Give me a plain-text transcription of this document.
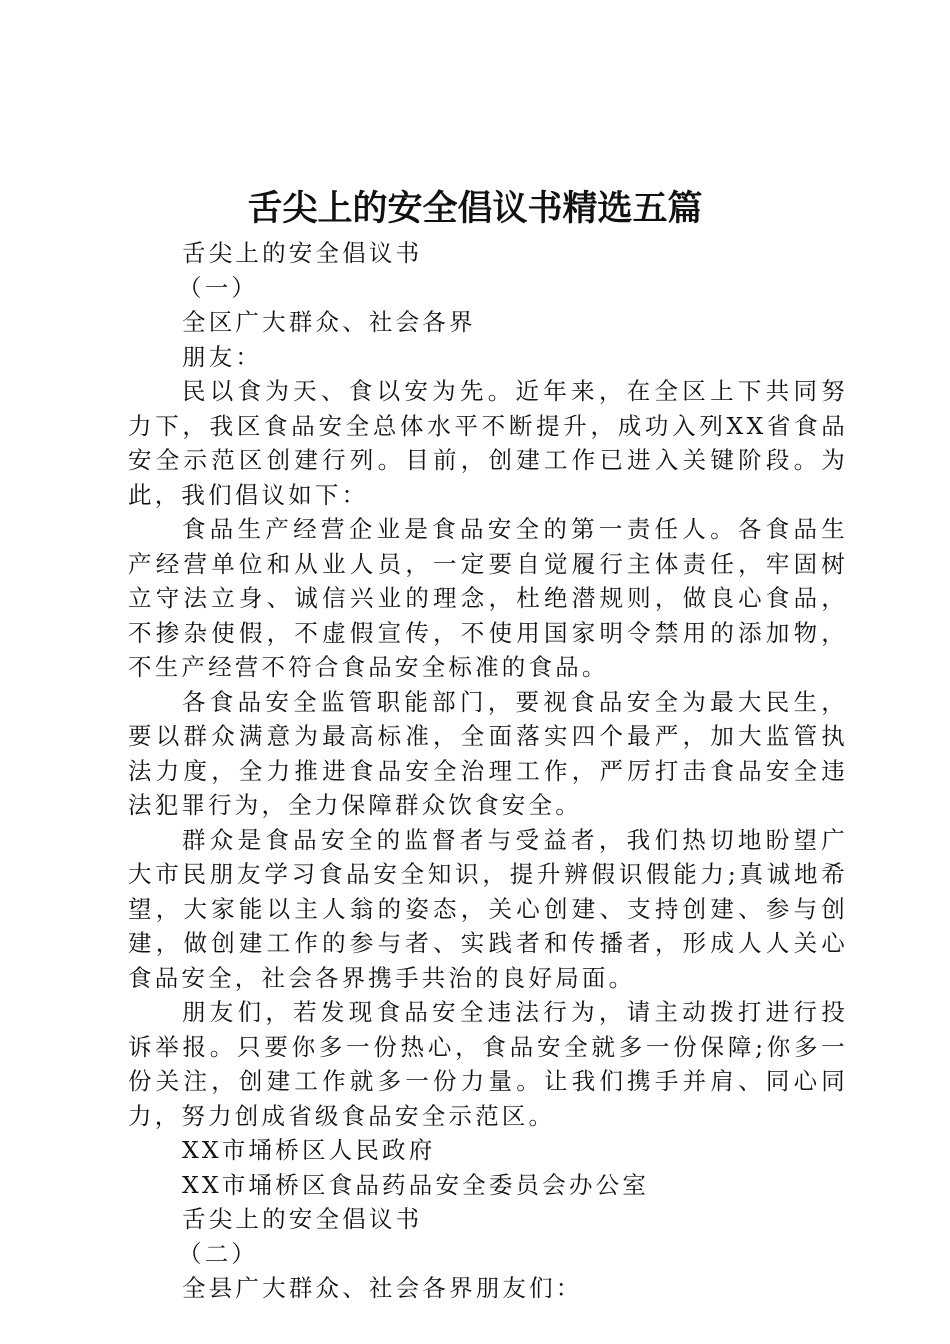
舌尖上的安全倡议书精选五篇
舌尖上的安全倡议书
（一）
全区广大群众、社会各界
朋友：

民以食为天、食以安为先。近年来，在全区上下共同努力下，我区食品安全总体水平不断提升，成功入列XX省食品安全示范区创建行列。目前，创建工作已进入关键阶段。为此，我们倡议如下：

食品生产经营企业是食品安全的第一责任人。各食品生产经营单位和从业人员，一定要自觉履行主体责任，牢固树立守法立身、诚信兴业的理念，杜绝潜规则，做良心食品，不掺杂使假，不虚假宣传，不使用国家明令禁用的添加物，不生产经营不符合食品安全标准的食品。

各食品安全监管职能部门，要视食品安全为最大民生，要以群众满意为最高标准，全面落实四个最严，加大监管执法力度，全力推进食品安全治理工作，严厉打击食品安全违法犯罪行为，全力保障群众饮食安全。

群众是食品安全的监督者与受益者，我们热切地盼望广大市民朋友学习食品安全知识，提升辨假识假能力;真诚地希望，大家能以主人翁的姿态，关心创建、支持创建、参与创建，做创建工作的参与者、实践者和传播者，形成人人关心食品安全，社会各界携手共治的良好局面。

朋友们，若发现食品安全违法行为，请主动拨打进行投诉举报。只要你多一份热心，食品安全就多一份保障;你多一份关注，创建工作就多一份力量。让我们携手并肩、同心同力，努力创成省级食品安全示范区。

XX市埇桥区人民政府
XX市埇桥区食品药品安全委员会办公室
舌尖上的安全倡议书
（二）
全县广大群众、社会各界朋友们：
